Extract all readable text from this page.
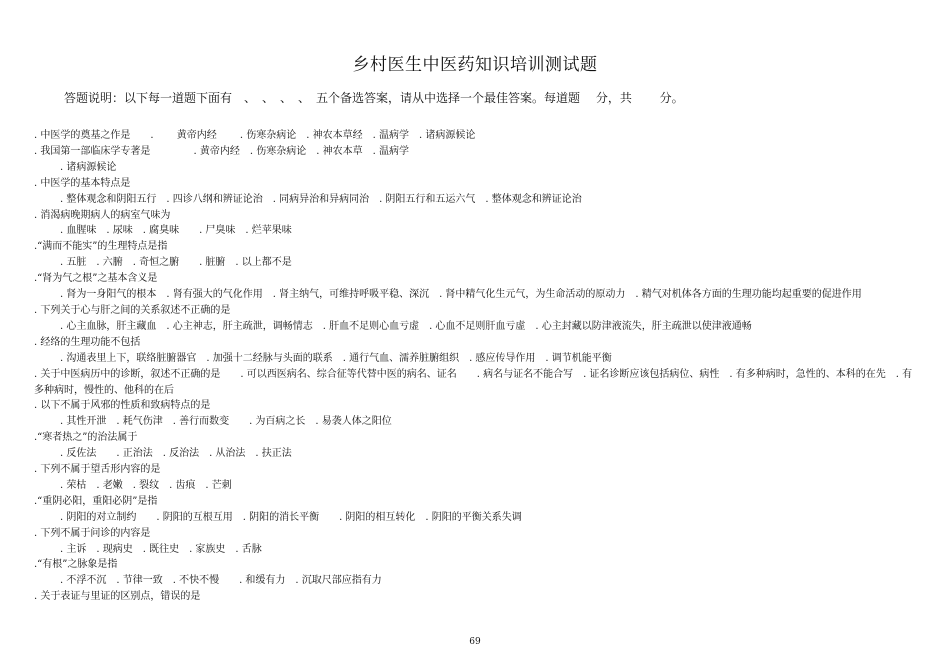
乡村医生中医药知识培训测试题
答题说明：以下每一道题下面有　、　、　、　、　五个备选答案，请从中选择一个最佳答案。每道题　 分，共　　 分。
. 中医学的奠基之作是　　.　　 黄帝内经　　 . 伤寒杂病论　. 神农本草经　. 温病学　. 诸病源候论
. 我国第一部临床学专著是　　　　 . 黄帝内经　. 伤寒杂病论　. 神农本草　. 温病学
. 诸病源候论
. 中医学的基本特点是
. 整体观念和阴阳五行　. 四诊八纲和辨证论治　. 同病异治和异病同治　. 阴阳五行和五运六气　. 整体观念和辨证论治
. 消渴病晚期病人的病室气味为
. 血腥味　. 尿味　. 腐臭味　　. 尸臭味　. 烂苹果味
.“满而不能实”的生理特点是指
. 五脏　. 六腑　. 奇恒之腑　　. 脏腑　. 以上都不是
.“肾为气之根”之基本含义是
. 肾为一身阳气的根本　. 肾有强大的气化作用　. 肾主纳气，可维持呼吸平稳、深沉　. 肾中精气化生元气，为生命活动的原动力　. 精气对机体各方面的生理功能均起重要的促进作用
. 下列关于心与肝之间的关系叙述不正确的是
. 心主血脉，肝主藏血　. 心主神志，肝主疏泄，调畅情志　. 肝血不足则心血亏虚　. 心血不足则肝血亏虚　. 心主封藏以防津液流失，肝主疏泄以使津液通畅
. 经络的生理功能不包括
. 沟通表里上下，联络脏腑器官　. 加强十二经脉与头面的联系　. 通行气血、濡养脏腑组织　. 感应传导作用　. 调节机能平衡
. 关于中医病历中的诊断，叙述不正确的是　　. 可以西医病名、综合征等代替中医的病名、证名　　. 病名与证名不能合写　. 证名诊断应该包括病位、病性　. 有多种病时，急性的、本科的在先　. 有多种病时，慢性的、他科的在后
. 以下不属于风邪的性质和致病特点的是
. 其性开泄　. 耗气伤津　. 善行而数变　　. 为百病之长　. 易袭人体之阳位
.“寒者热之”的治法属于
. 反佐法　　. 正治法　. 反治法　. 从治法　. 扶正法
. 下列不属于望舌形内容的是
. 荣枯　. 老嫩　. 裂纹　. 齿痕　. 芒刺
.“重阴必阳，重阳必阴”是指
. 阴阳的对立制约　　. 阴阳的互根互用　. 阴阳的消长平衡　　. 阴阳的相互转化　. 阴阳的平衡关系失调
. 下列不属于问诊的内容是
. 主诉　. 现病史　. 既往史　. 家族史　. 舌脉
.“有根”之脉象是指
. 不浮不沉　. 节律一致　. 不快不慢　　. 和缓有力　. 沉取尺部应指有力
. 关于表证与里证的区别点，错误的是
69
